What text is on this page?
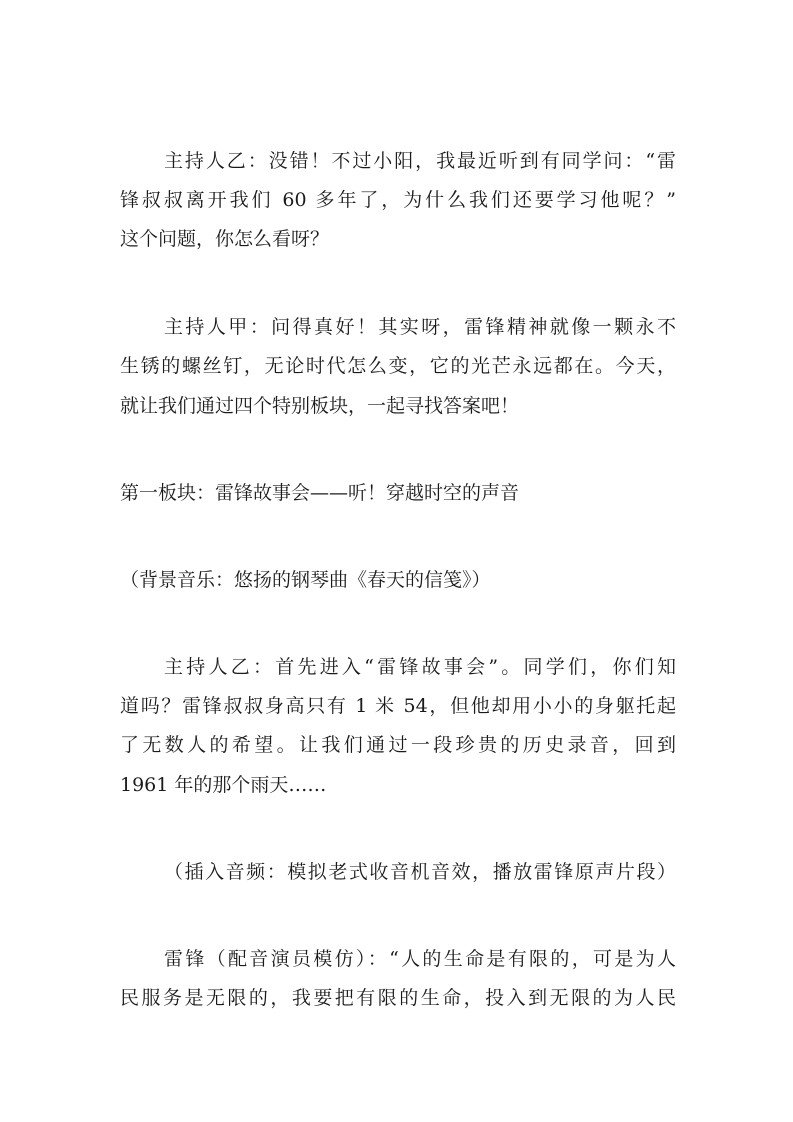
主持人乙：没错！不过小阳，我最近听到有同学问：“雷
锋叔叔离开我们 60 多年了，为什么我们还要学习他呢？”
这个问题，你怎么看呀？
主持人甲：问得真好！其实呀，雷锋精神就像一颗永不
生锈的螺丝钉，无论时代怎么变，它的光芒永远都在。今天，
就让我们通过四个特别板块，一起寻找答案吧！
第一板块：雷锋故事会——听！穿越时空的声音
（背景音乐：悠扬的钢琴曲《春天的信笺》）
主持人乙：首先进入“雷锋故事会”。同学们，你们知
道吗？雷锋叔叔身高只有 1 米 54，但他却用小小的身躯托起
了无数人的希望。让我们通过一段珍贵的历史录音，回到
1961 年的那个雨天……
（插入音频：模拟老式收音机音效，播放雷锋原声片段）
雷锋（配音演员模仿）：“人的生命是有限的，可是为人
民服务是无限的，我要把有限的生命，投入到无限的为人民
